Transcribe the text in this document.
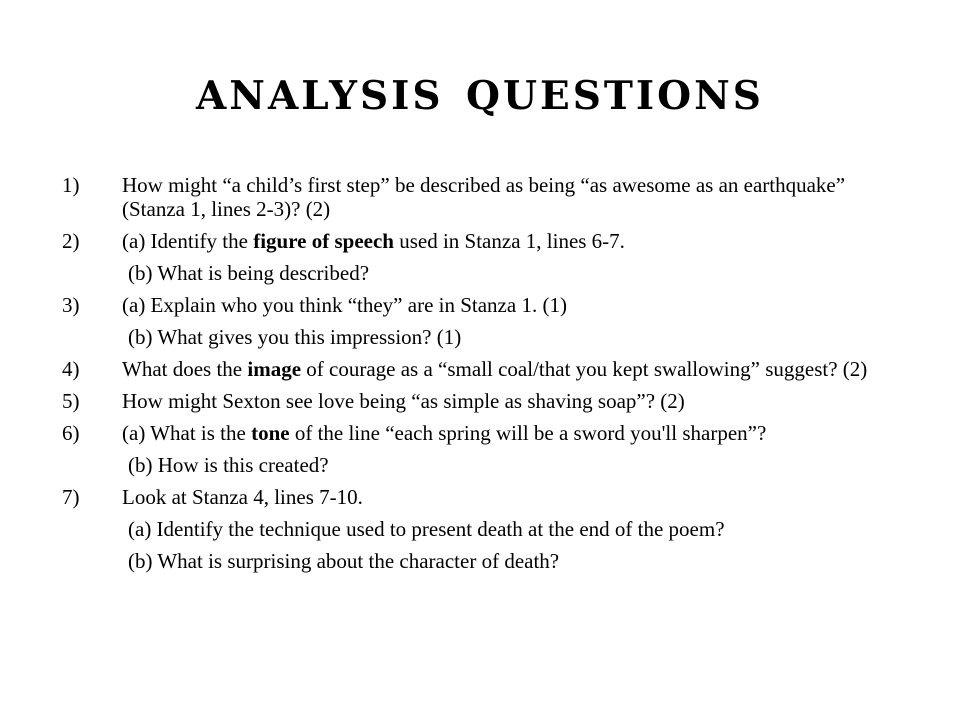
analysis questions
1)	How might “a child’s first step” be described as being “as awesome as an earthquake” (Stanza 1, lines 2-3)? (2)
2)	(a) Identify the figure of speech used in Stanza 1, lines 6-7.
(b) What is being described?
3)	(a) Explain who you think “they” are in Stanza 1. (1)
(b) What gives you this impression? (1)
4)	What does the image of courage as a “small coal/that you kept swallowing” suggest? (2)
5)	How might Sexton see love being “as simple as shaving soap”? (2)
6)	(a) What is the tone of the line “each spring will be a sword you'll sharpen”?
(b) How is this created?
7)	Look at Stanza 4, lines 7-10.
(a) Identify the technique used to present death at the end of the poem?
(b) What is surprising about the character of death?
